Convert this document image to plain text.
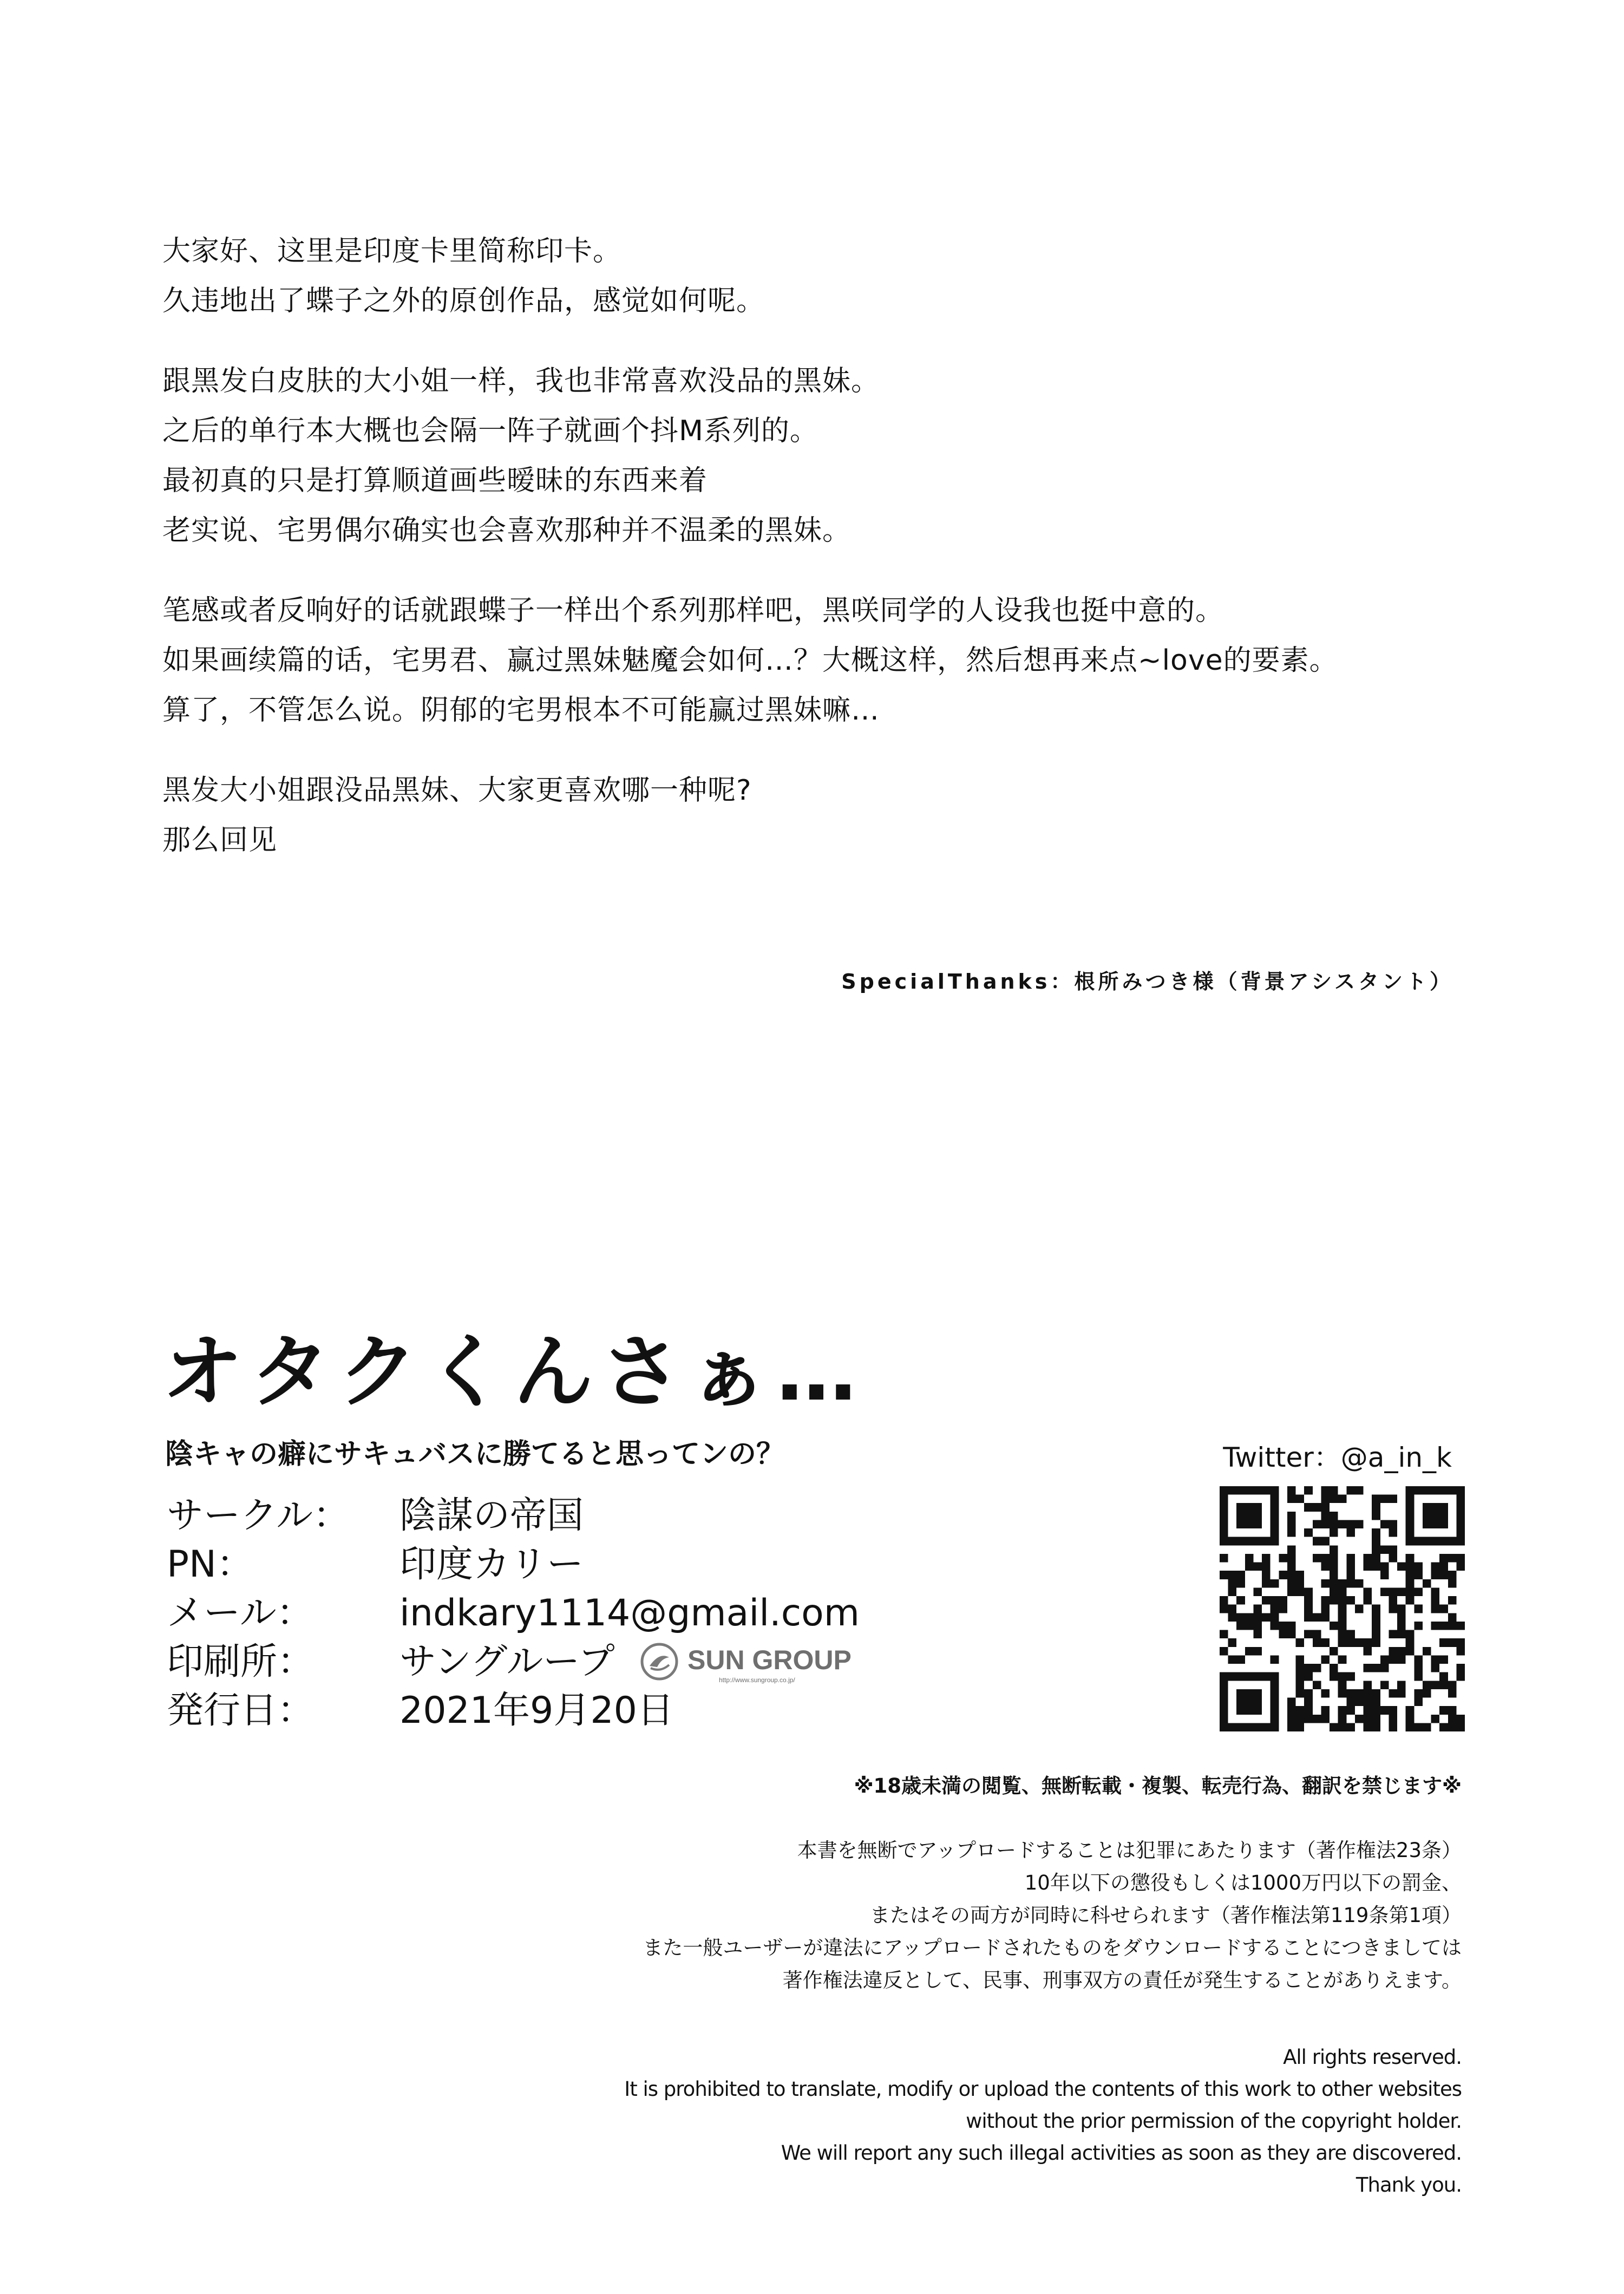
大家好、这里是印度卡里简称印卡。
久违地出了蝶子之外的原创作品，感觉如何呢。
跟黑发白皮肤的大小姐一样，我也非常喜欢没品的黑妹。
之后的单行本大概也会隔一阵子就画个抖M系列的。
最初真的只是打算顺道画些暧昧的东西来着
老实说、宅男偶尔确实也会喜欢那种并不温柔的黑妹。
笔感或者反响好的话就跟蝶子一样出个系列那样吧，黑咲同学的人设我也挺中意的。
如果画续篇的话，宅男君、赢过黑妹魅魔会如何…？大概这样，然后想再来点~love的要素。
算了，不管怎么说。阴郁的宅男根本不可能赢过黑妹嘛…
黑发大小姐跟没品黑妹、大家更喜欢哪一种呢?
那么回见
SpecialThanks：根所みつき様（背景アシスタント）
オタクくんさぁ…
陰キャの癖にサキュバスに勝てると思ってンの？
サークル： 陰謀の帝国
PN：	印度カリー
メール： indkary1114@gmail.com
印刷所： サングループ	SUN GROUP
http://www.sungroup.co.jp/
発行日： 2021年9月20日
Twitter：@a_in_k
※18歳未満の閲覧、無断転載・複製、転売行為、翻訳を禁じます※
本書を無断でアップロードすることは犯罪にあたります（著作権法23条）
10年以下の懲役もしくは1000万円以下の罰金、
またはその両方が同時に科せられます（著作権法第119条第1項）
また一般ユーザーが違法にアップロードされたものをダウンロードすることにつきましては
著作権法違反として、民事、刑事双方の責任が発生することがありえます。
All rights reserved.
It is prohibited to translate, modify or upload the contents of this work to other websites
without the prior permission of the copyright holder.
We will report any such illegal activities as soon as they are discovered.
Thank you.
